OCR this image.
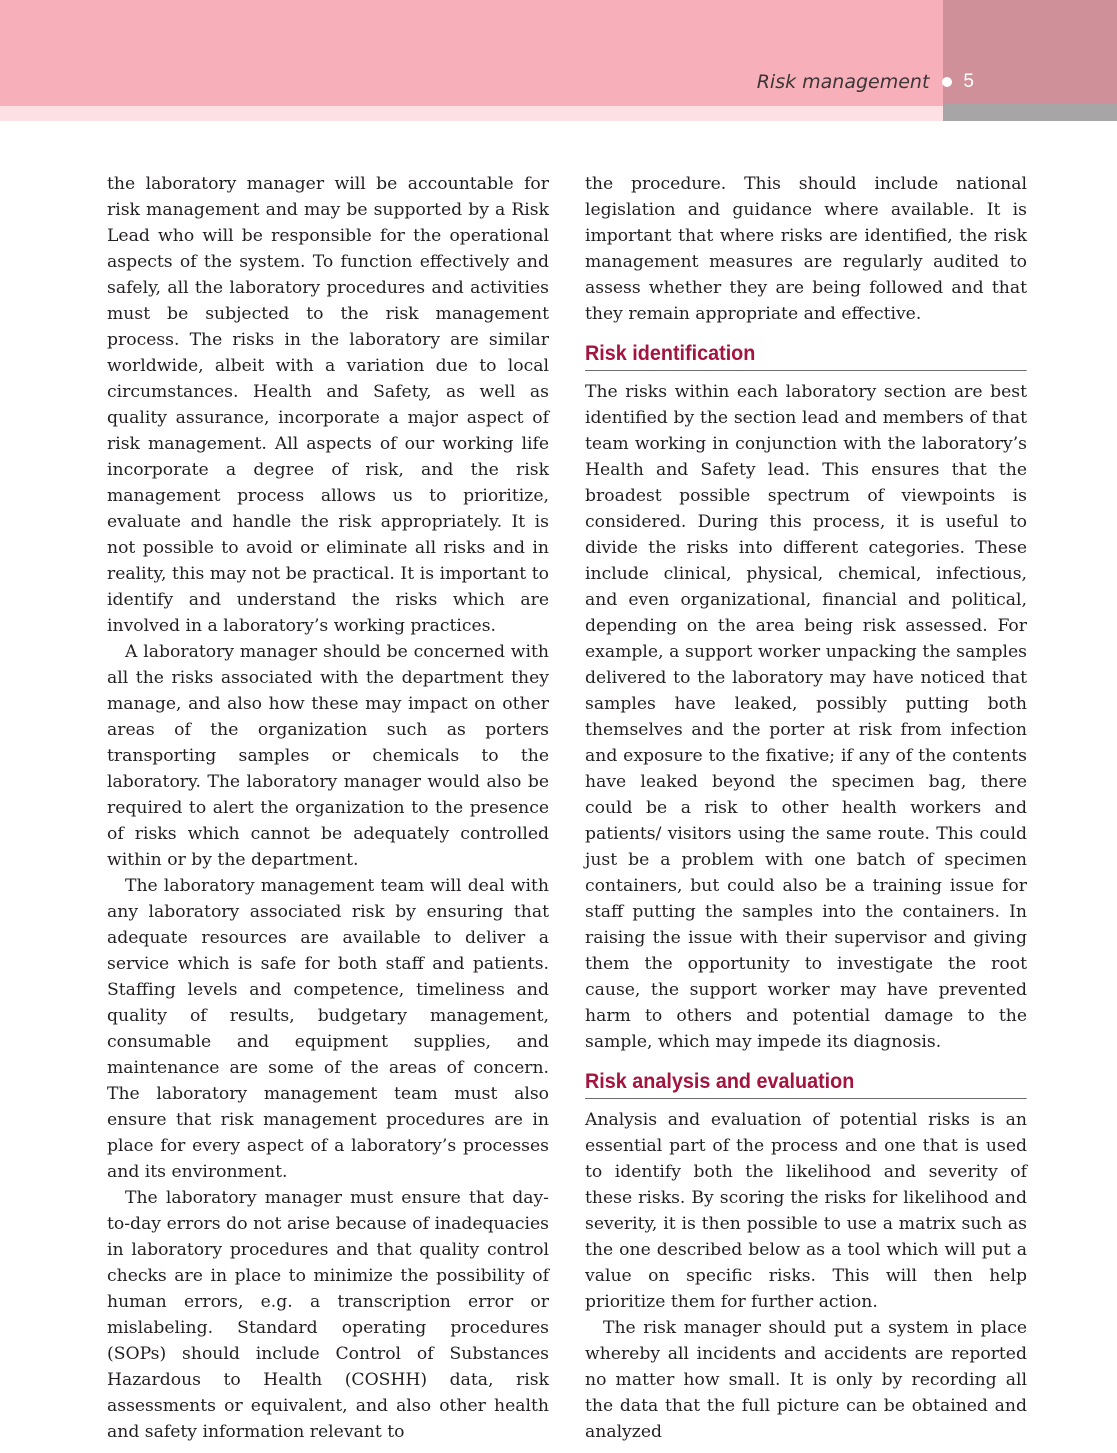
Risk management 5

the laboratory manager will be accountable for risk management and may be supported by a Risk Lead who will be responsible for the operational aspects of the system. To function effectively and safely, all the laboratory procedures and activities must be subjected to the risk management process. The risks in the laboratory are similar worldwide, albeit with a variation due to local circumstances. Health and Safety, as well as quality assurance, incorporate a major aspect of risk management. All aspects of our working life incorporate a degree of risk, and the risk management process allows us to prioritize, evaluate and handle the risk appropriately. It is not possible to avoid or eliminate all risks and in reality, this may not be practical. It is important to identify and understand the risks which are involved in a laboratory’s working practices.

A laboratory manager should be concerned with all the risks associated with the department they manage, and also how these may impact on other areas of the organization such as porters transporting samples or chemicals to the laboratory. The laboratory manager would also be required to alert the organization to the presence of risks which cannot be adequately controlled within or by the department.

The laboratory management team will deal with any laboratory associated risk by ensuring that adequate resources are available to deliver a service which is safe for both staff and patients. Staffing levels and competence, timeliness and quality of results, budgetary management, consumable and equipment supplies, and maintenance are some of the areas of concern. The laboratory management team must also ensure that risk management procedures are in place for every aspect of a laboratory’s processes and its environment.

The laboratory manager must ensure that day-to-day errors do not arise because of inadequacies in laboratory procedures and that quality control checks are in place to minimize the possibility of human errors, e.g. a transcription error or mislabeling. Standard operating procedures (SOPs) should include Control of Substances Hazardous to Health (COSHH) data, risk assessments or equivalent, and also other health and safety information relevant to

the procedure. This should include national legislation and guidance where available. It is important that where risks are identified, the risk management measures are regularly audited to assess whether they are being followed and that they remain appropriate and effective.

Risk identification

The risks within each laboratory section are best identified by the section lead and members of that team working in conjunction with the laboratory’s Health and Safety lead. This ensures that the broadest possible spectrum of viewpoints is considered. During this process, it is useful to divide the risks into different categories. These include clinical, physical, chemical, infectious, and even organizational, financial and political, depending on the area being risk assessed. For example, a support worker unpacking the samples delivered to the laboratory may have noticed that samples have leaked, possibly putting both themselves and the porter at risk from infection and exposure to the fixative; if any of the contents have leaked beyond the specimen bag, there could be a risk to other health workers and patients/ visitors using the same route. This could just be a problem with one batch of specimen containers, but could also be a training issue for staff putting the samples into the containers. In raising the issue with their supervisor and giving them the opportunity to investigate the root cause, the support worker may have prevented harm to others and potential damage to the sample, which may impede its diagnosis.

Risk analysis and evaluation

Analysis and evaluation of potential risks is an essential part of the process and one that is used to identify both the likelihood and severity of these risks. By scoring the risks for likelihood and severity, it is then possible to use a matrix such as the one described below as a tool which will put a value on specific risks. This will then help prioritize them for further action.

The risk manager should put a system in place whereby all incidents and accidents are reported no matter how small. It is only by recording all the data that the full picture can be obtained and analyzed
